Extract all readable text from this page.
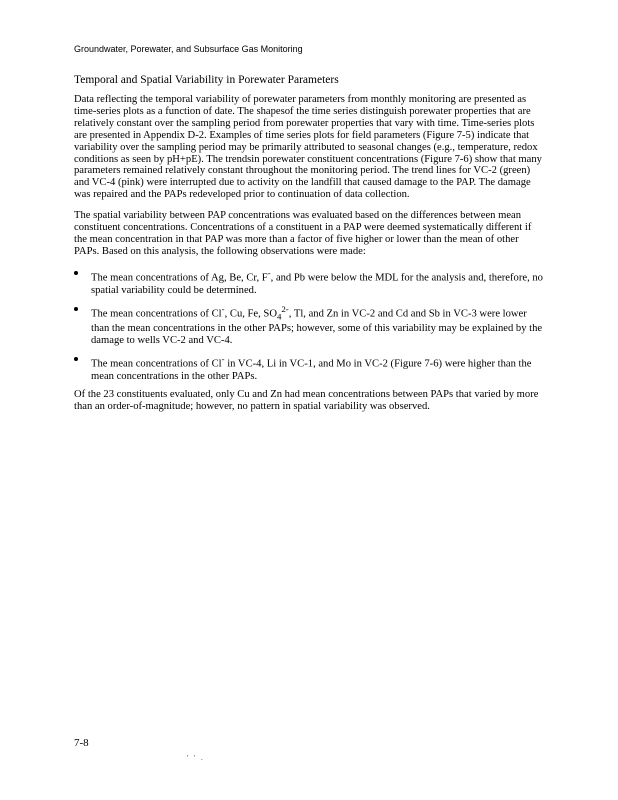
Groundwater, Porewater, and Subsurface Gas Monitoring
Temporal and Spatial Variability in Porewater Parameters

Data reflecting the temporal variability of porewater parameters from monthly monitoring are presented as time-series plots as a function of date. The shapesof the time series distinguish porewater properties that are relatively constant over the sampling period from porewater properties that vary with time. Time-series plots are presented in Appendix D-2. Examples of time series plots for field parameters (Figure 7-5) indicate that variability over the sampling period may be primarily attributed to seasonal changes (e.g., temperature, redox conditions as seen by pH+pE). The trendsin porewater constituent concentrations (Figure 7-6) show that many parameters remained relatively constant throughout the monitoring period. The trend lines for VC-2 (green) and VC-4 (pink) were interrupted due to activity on the landfill that caused damage to the PAP. The damage was repaired and the PAPs redeveloped prior to continuation of data collection.

The spatial variability between PAP concentrations was evaluated based on the differences between mean constituent concentrations. Concentrations of a constituent in a PAP were deemed systematically different if the mean concentration in that PAP was more than a factor of five higher or lower than the mean of other PAPs. Based on this analysis, the following observations were made:

The mean concentrations of Ag, Be, Cr, F-, and Pb were below the MDL for the analysis and, therefore, no spatial variability could be determined.
The mean concentrations of Cl-, Cu, Fe, $SO_4^{2-}$, Tl, and Zn in VC-2 and Cd and Sb in VC-3 were lower than the mean concentrations in the other PAPs; however, some of this variability may be explained by the damage to wells VC-2 and VC-4.
The mean concentrations of Cl- in VC-4, Li in VC-1, and Mo in VC-2 (Figure 7-6) were higher than the mean concentrations in the other PAPs.

Of the 23 constituents evaluated, only Cu and Zn had mean concentrations between PAPs that varied by more than an order-of-magnitude; however, no pattern in spatial variability was observed.

7-8
' ' .
